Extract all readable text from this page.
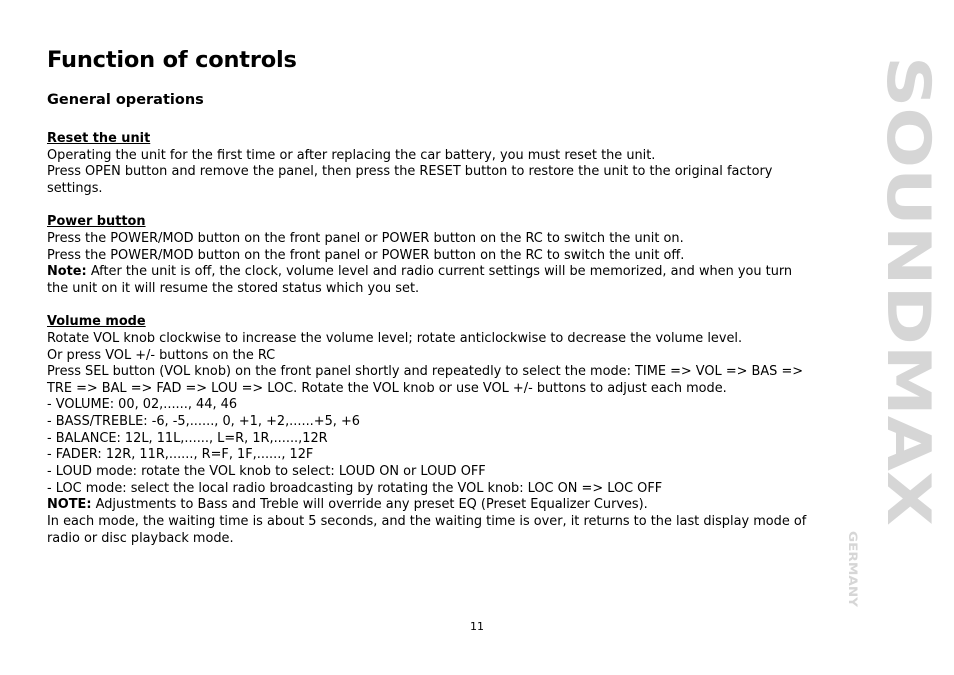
Function of controls
General operations

Reset the unit

Operating the unit for the first time or after replacing the car battery, you must reset the unit.

Press OPEN button and remove the panel, then press the RESET button to restore the unit to the original factory settings.

Power button

Press the POWER/MOD button on the front panel or POWER button on the RC to switch the unit on.

Press the POWER/MOD button on the front panel or POWER button on the RC to switch the unit off.

Note: After the unit is off, the clock, volume level and radio current settings will be memorized, and when you turn the unit on it will resume the stored status which you set.

Volume mode

Rotate VOL knob clockwise to increase the volume level; rotate anticlockwise to decrease the volume level.

Or press VOL +/- buttons on the RC

Press SEL button (VOL knob) on the front panel shortly and repeatedly to select the mode: TIME => VOL => BAS => TRE => BAL => FAD => LOU => LOC. Rotate the VOL knob or use VOL +/- buttons to adjust each mode.

- VOLUME: 00, 02,......, 44, 46

- BASS/TREBLE: -6, -5,......, 0, +1, +2,......+5, +6

- BALANCE: 12L, 11L,......, L=R, 1R,......,12R

- FADER: 12R, 11R,......, R=F, 1F,......, 12F

- LOUD mode: rotate the VOL knob to select: LOUD ON or LOUD OFF

- LOC mode: select the local radio broadcasting by rotating the VOL knob: LOC ON => LOC OFF

NOTE: Adjustments to Bass and Treble will override any preset EQ (Preset Equalizer Curves).

In each mode, the waiting time is about 5 seconds, and the waiting time is over, it returns to the last display mode of radio or disc playback mode.

11
SOUNDMAX
GERMANY
